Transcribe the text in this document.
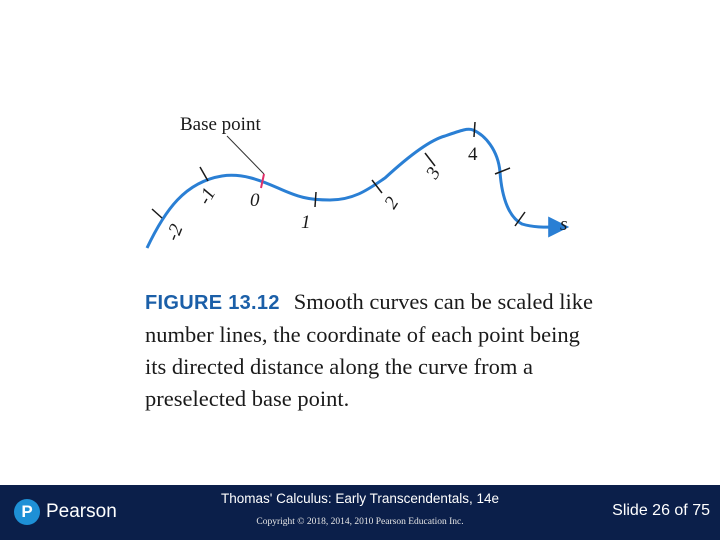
Base point
-2
-1 0
1
2
3
4
s
FIGURE 13.12 Smooth curves can be scaled like number lines, the coordinate of each point being its directed distance along the curve from a preselected base point.
P Pearson
Thomas' Calculus: Early Transcendentals, 14e
Copyright © 2018, 2014, 2010 Pearson Education Inc.
Slide 26 of 75
